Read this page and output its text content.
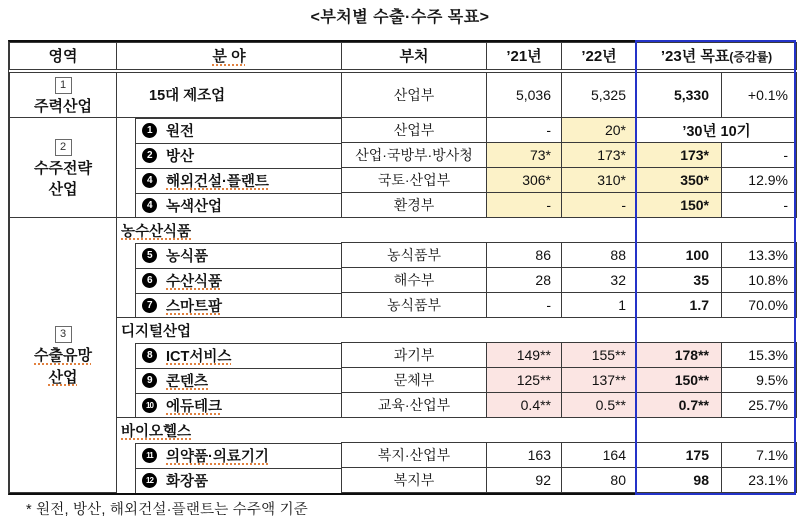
<부처별 수출·수주 목표>
영역	분 야	부처	’21년	’22년	’23년 목표(증감률)	
1
주력산업	15대 제조업	산업부	5,036	5,325	5,330	+0.1%
2
수주전략
산업

1 원전	산업부	-	20*	’30년 10기

2 방산	산업·국방부·방사청	73*	173*	173*	-

4 해외건설·플랜트	국토·산업부	306*	310*	350*	12.9%

4 녹색산업	환경부	-	-	150*	-
3
수출유망
산업	농수산식품					

5 농식품	농식품부	86	88	100	13.3%

6 수산식품	해수부	28	32	35	10.8%

7 스마트팜	농식품부	-	1	1.7	70.0%
	디지털산업					

8 ICT서비스	과기부	149**	155**	178**	15.3%

9 콘텐츠	문체부	125**	137**	150**	9.5%

10 에듀테크	교육·산업부	0.4**	0.5**	0.7**	25.7%
	바이오헬스					

11 의약품·의료기기	복지·산업부	163	164	175	7.1%

12 화장품	복지부	92	80	98	23.1%
* 원전, 방산, 해외건설·플랜트는 수주액 기준
